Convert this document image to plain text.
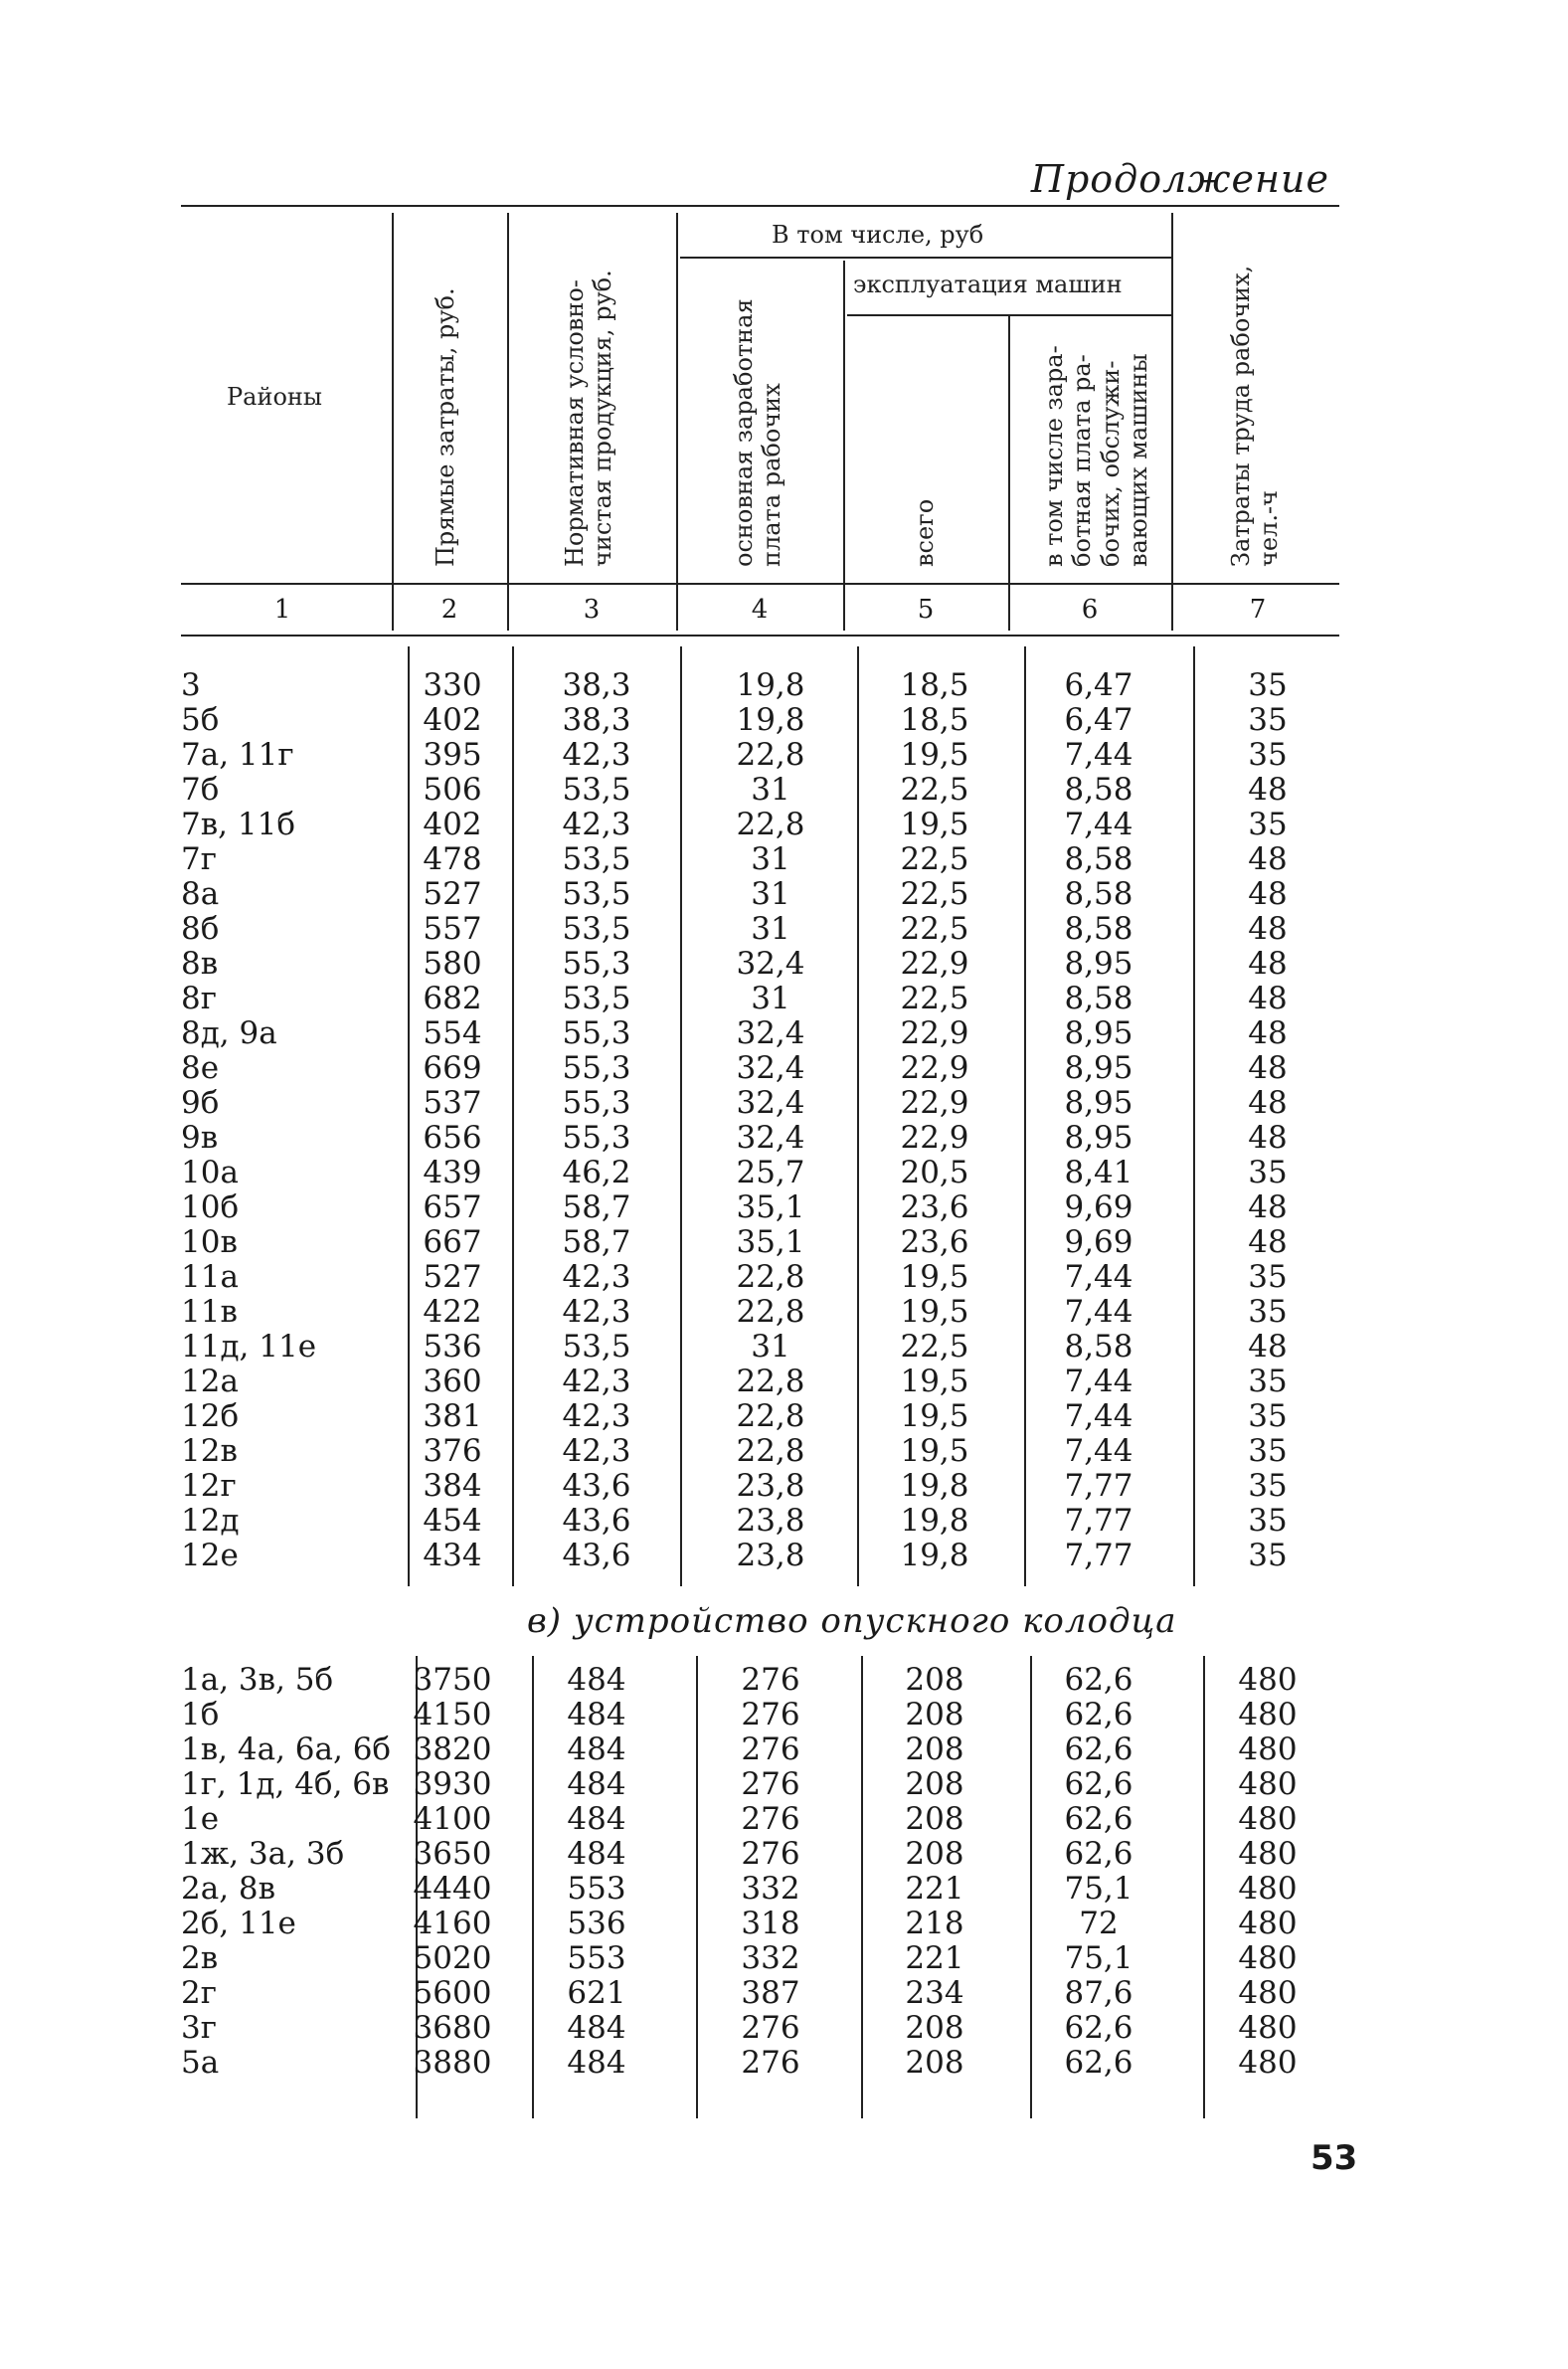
Продолжение
Районы	Прямые затраты, руб.	Нормативная условно- чистая продукция, руб.
В том числе, руб
основная заработная плата рабочих
эксплуатация машин
всего	в том числе зара- ботная плата ра- бочих, обслужи- вающих машины	Затраты труда рабочих, чел.-ч
1	2	3	4	5	6	7
3	330	38,3	19,8	18,5	6,47	35
5б	402	38,3	19,8	18,5	6,47	35
7а, 11г	395	42,3	22,8	19,5	7,44	35
7б	506	53,5	31	22,5	8,58	48
7в, 11б	402	42,3	22,8	19,5	7,44	35
7г	478	53,5	31	22,5	8,58	48
8а	527	53,5	31	22,5	8,58	48
8б	557	53,5	31	22,5	8,58	48
8в	580	55,3	32,4	22,9	8,95	48
8г	682	53,5	31	22,5	8,58	48
8д, 9а	554	55,3	32,4	22,9	8,95	48
8е	669	55,3	32,4	22,9	8,95	48
9б	537	55,3	32,4	22,9	8,95	48
9в	656	55,3	32,4	22,9	8,95	48
10а	439	46,2	25,7	20,5	8,41	35
10б	657	58,7	35,1	23,6	9,69	48
10в	667	58,7	35,1	23,6	9,69	48
11а	527	42,3	22,8	19,5	7,44	35
11в	422	42,3	22,8	19,5	7,44	35
11д, 11е	536	53,5	31	22,5	8,58	48
12а	360	42,3	22,8	19,5	7,44	35
12б	381	42,3	22,8	19,5	7,44	35
12в	376	42,3	22,8	19,5	7,44	35
12г	384	43,6	23,8	19,8	7,77	35
12д	454	43,6	23,8	19,8	7,77	35
12е	434	43,6	23,8	19,8	7,77	35
в) устройство опускного колодца
1а, 3в, 5б	3750	484	276	208	62,6	480
1б	4150	484	276	208	62,6	480
1в, 4а, 6а, 6б 3820	484	276	208	62,6	480
1г, 1д, 4б, 6в 3930	484	276	208	62,6	480
1е	4100	484	276	208	62,6	480
1ж, 3а, 3б	3650	484	276	208	62,6	480
2а, 8в	4440	553	332	221	75,1	480
2б, 11е	4160	536	318	218	72	480
2в	5020	553	332	221	75,1	480
2г	5600	621	387	234	87,6	480
3г	3680	484	276	208	62,6	480
5а	3880	484	276	208	62,6	480
53
